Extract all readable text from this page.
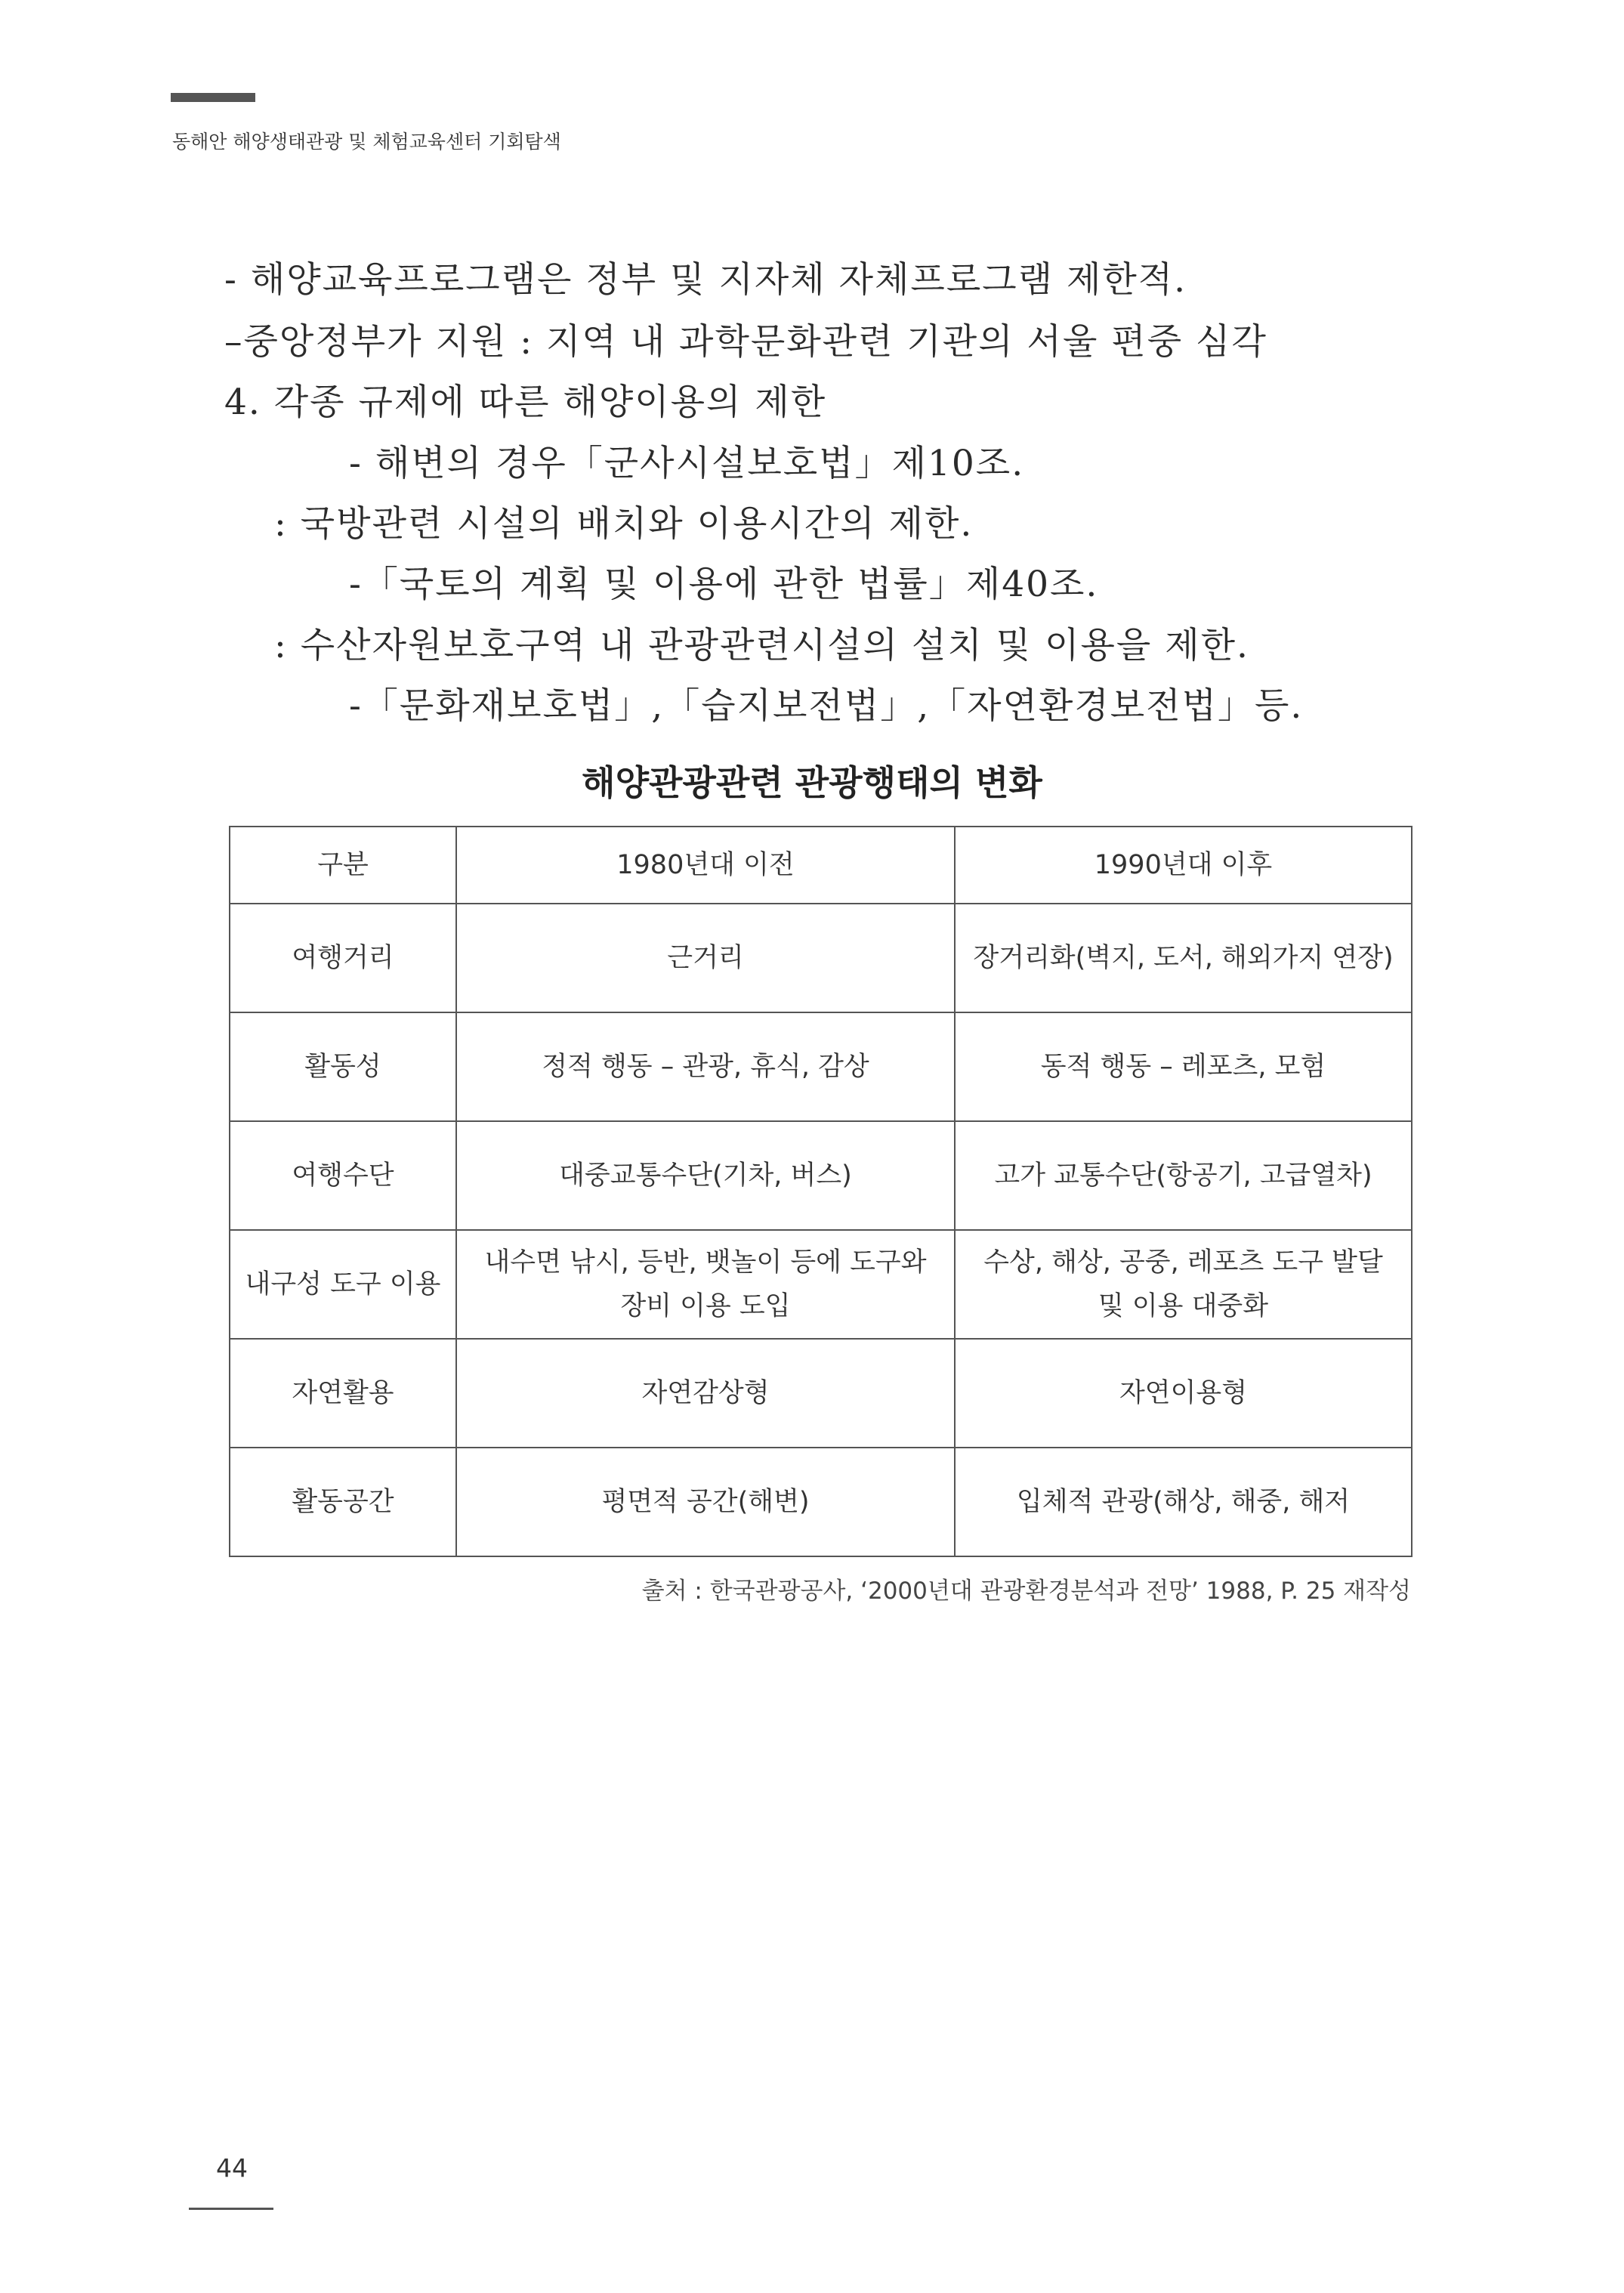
동해안 해양생태관광 및 체험교육센터 기회탐색
- 해양교육프로그램은 정부 및 지자체 자체프로그램 제한적.
–중앙정부가 지원 : 지역 내 과학문화관련 기관의 서울 편중 심각
4. 각종 규제에 따른 해양이용의 제한
- 해변의 경우「군사시설보호법」제10조.
: 국방관련 시설의 배치와 이용시간의 제한.
-「국토의 계획 및 이용에 관한 법률」제40조.
: 수산자원보호구역 내 관광관련시설의 설치 및 이용을 제한.
-「문화재보호법」,「습지보전법」,「자연환경보전법」등.
해양관광관련 관광행태의 변화
구분	1980년대 이전	1990년대 이후
여행거리	근거리	장거리화(벽지, 도서, 해외가지 연장)
활동성	정적 행동 – 관광, 휴식, 감상	동적 행동 – 레포츠, 모험
여행수단	대중교통수단(기차, 버스)	고가 교통수단(항공기, 고급열차)
내구성 도구 이용	내수면 낚시, 등반, 뱃놀이 등에 도구와 장비 이용 도입	수상, 해상, 공중, 레포츠 도구 발달 및 이용 대중화
자연활용	자연감상형	자연이용형
활동공간	평면적 공간(해변)	입체적 관광(해상, 해중, 해저
출처 : 한국관광공사, ‘2000년대 관광환경분석과 전망’ 1988, P. 25 재작성
44
